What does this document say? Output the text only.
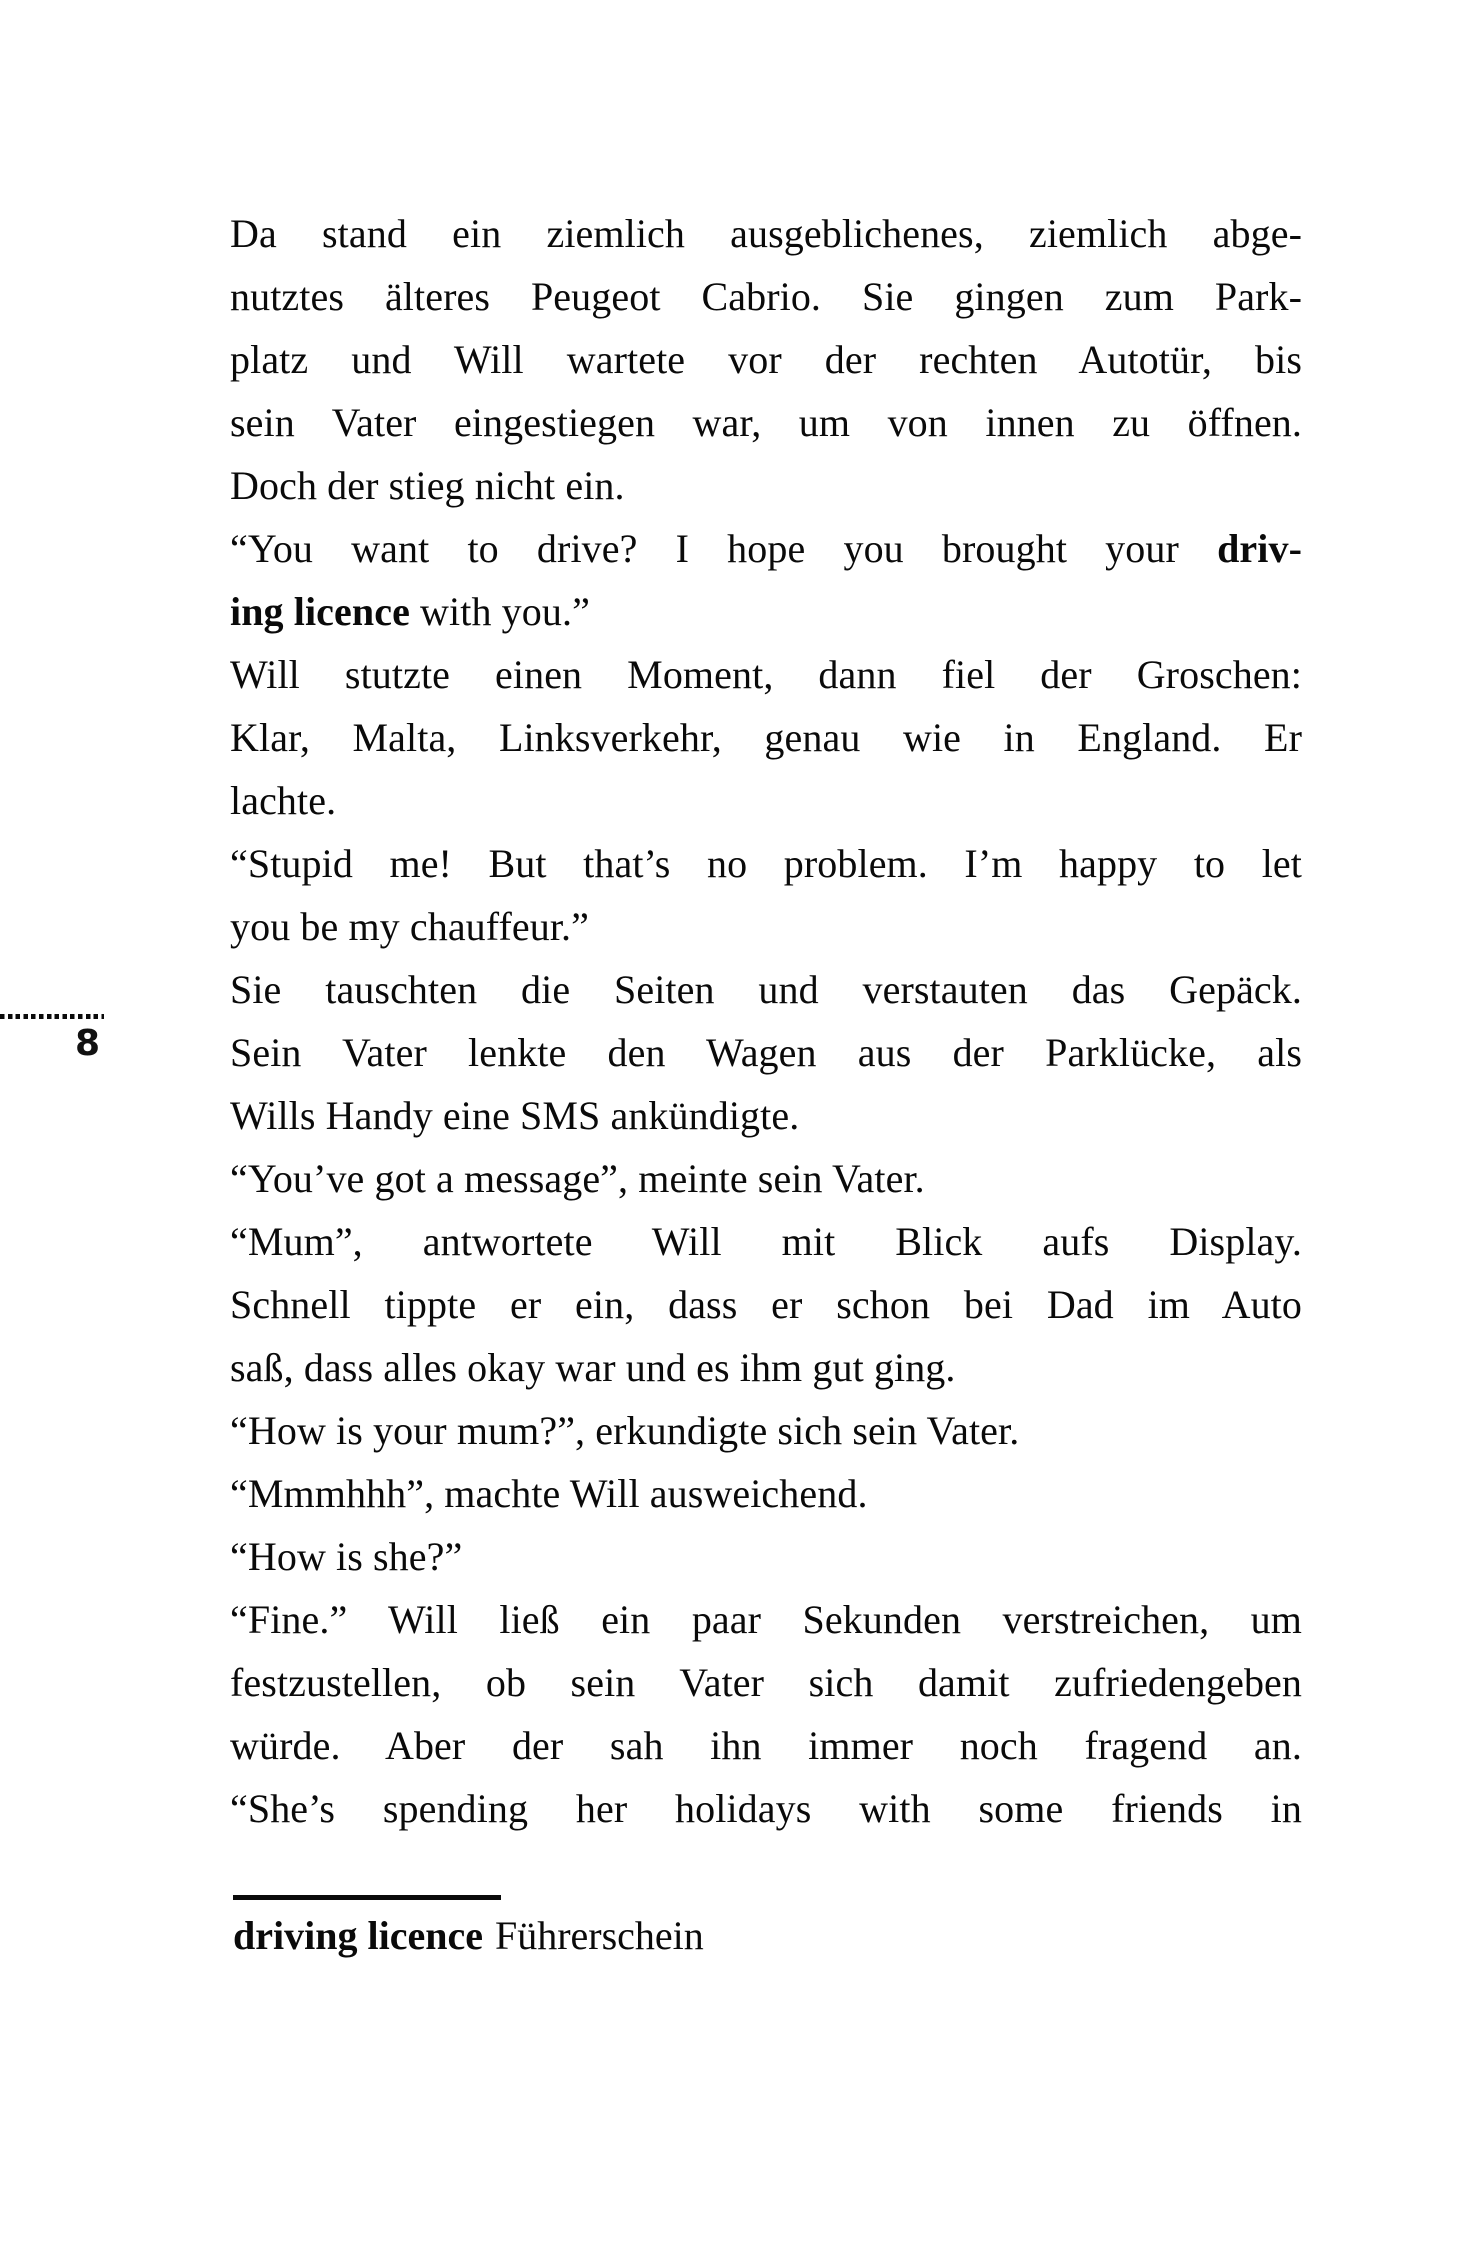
Da stand ein ziemlich ausgeblichenes, ziemlich abge-
nutztes älteres Peugeot Cabrio. Sie gingen zum Park-
platz und Will wartete vor der rechten Autotür, bis
sein Vater eingestiegen war, um von innen zu öffnen.
Doch der stieg nicht ein.
“You want to drive? I hope you brought your driv-
ing licence with you.”
Will stutzte einen Moment, dann fiel der Groschen:
Klar, Malta, Linksverkehr, genau wie in England. Er
lachte.
“Stupid me! But that’s no problem. I’m happy to let
you be my chauffeur.”
Sie tauschten die Seiten und verstauten das Gepäck.
Sein Vater lenkte den Wagen aus der Parklücke, als
Wills Handy eine SMS ankündigte.
“You’ve got a message”, meinte sein Vater.
“Mum”, antwortete Will mit Blick aufs Display.
Schnell tippte er ein, dass er schon bei Dad im Auto
saß, dass alles okay war und es ihm gut ging.
“How is your mum?”, erkundigte sich sein Vater.
“Mmmhhh”, machte Will ausweichend.
“How is she?”
“Fine.” Will ließ ein paar Sekunden verstreichen, um
festzustellen, ob sein Vater sich damit zufriedengeben
würde. Aber der sah ihn immer noch fragend an.
“She’s spending her holidays with some friends in
8
driving licence Führerschein
